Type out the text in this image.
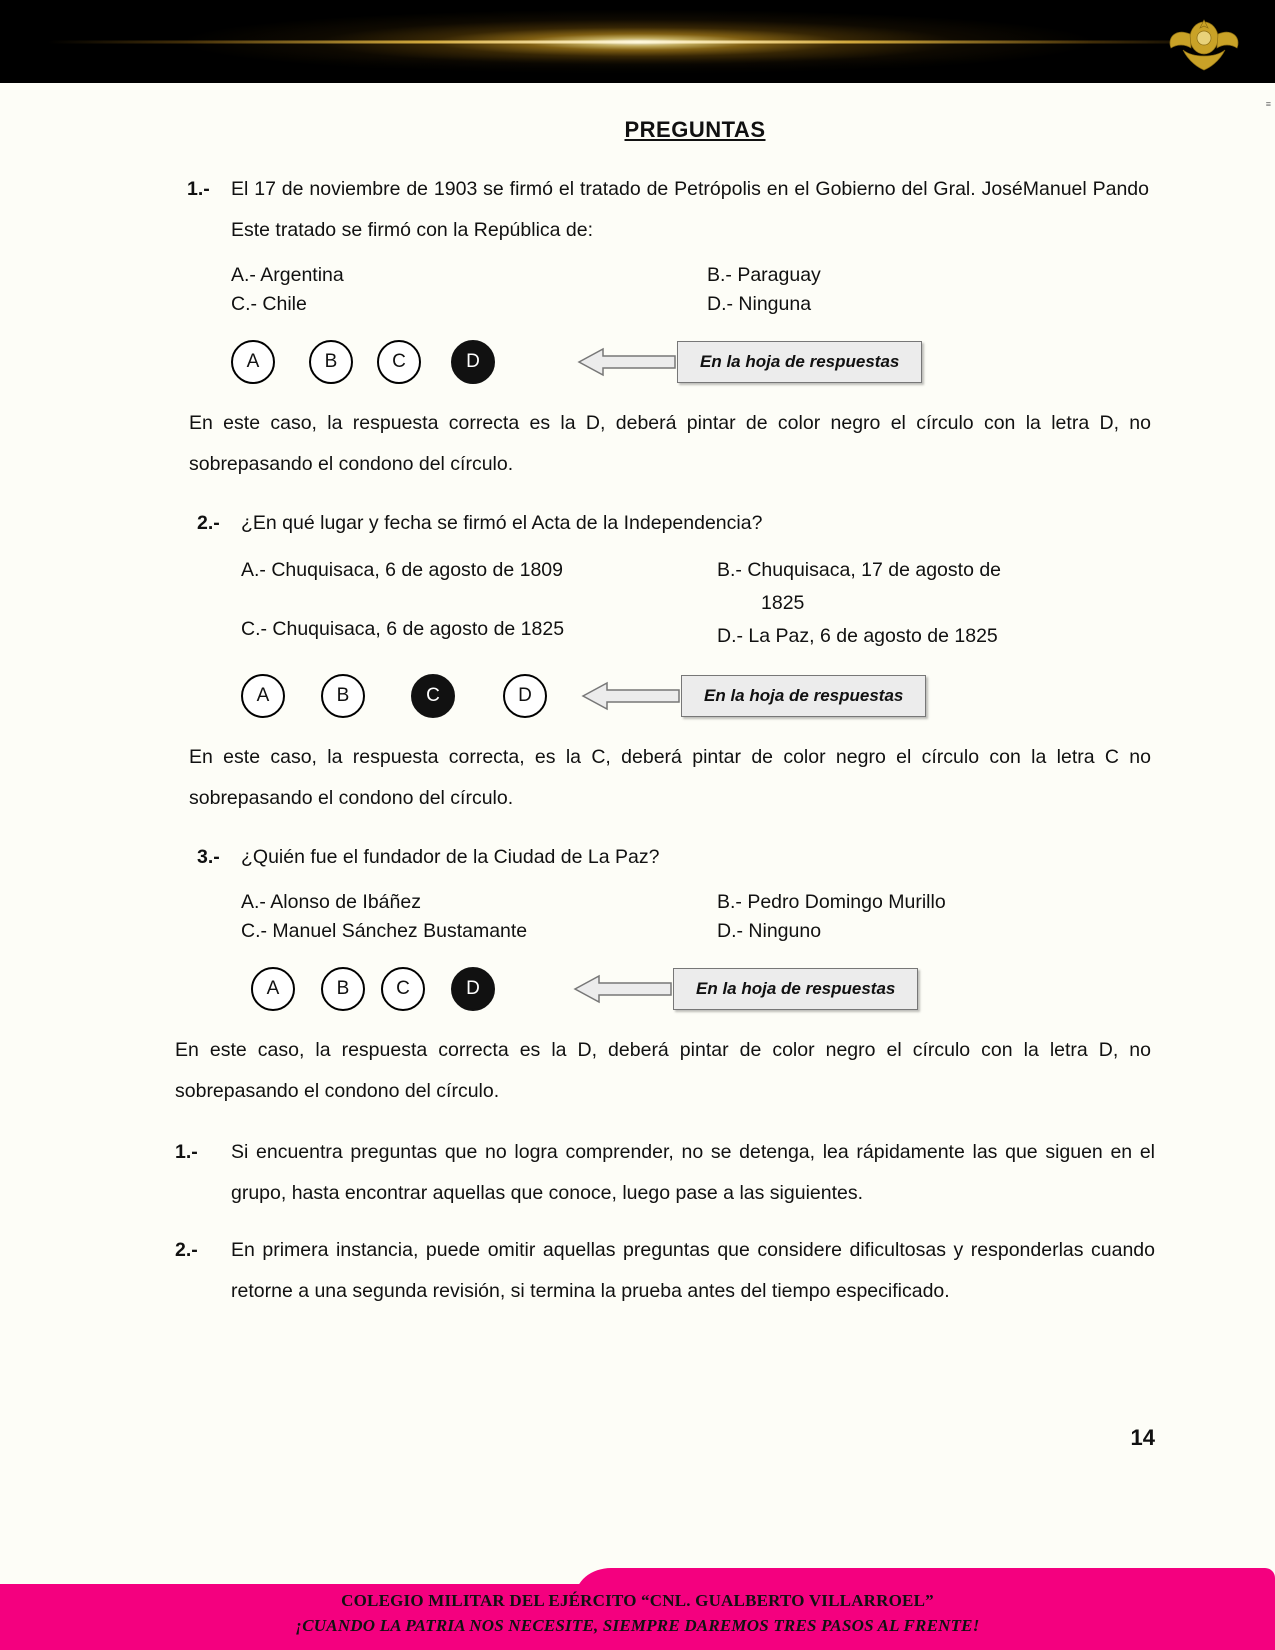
≡
PREGUNTAS
1.-	El 17 de noviembre de 1903 se firmó el tratado de Petrópolis en el Gobierno del Gral. JoséManuel Pando Este tratado se firmó con la República de:
A.- Argentina
C.- Chile
B.- Paraguay
D.- Ninguna
A	B	C	D	En la hoja de respuestas
En este caso, la respuesta correcta es la D, deberá pintar de color negro el círculo con la letra D, no sobrepasando el condono del círculo.
2.-	¿En qué lugar y fecha se firmó el Acta de la Independencia?
A.- Chuquisaca, 6 de agosto de 1809
C.- Chuquisaca, 6 de agosto de 1825
B.- Chuquisaca, 17 de agosto de
1825
D.- La Paz, 6 de agosto de 1825
A	B	C	D	En la hoja de respuestas
En este caso, la respuesta correcta, es la C, deberá pintar de color negro el círculo con la letra C no sobrepasando el condono del círculo.
3.-	¿Quién fue el fundador de la Ciudad de La Paz?
A.- Alonso de Ibáñez
C.- Manuel Sánchez Bustamante
B.- Pedro Domingo Murillo
D.- Ninguno
A	B	C	D	En la hoja de respuestas
En este caso, la respuesta correcta es la D, deberá pintar de color negro el círculo con la letra D, no sobrepasando el condono del círculo.
1.-	Si encuentra preguntas que no logra comprender, no se detenga, lea rápidamente las que siguen en el grupo, hasta encontrar aquellas que conoce, luego pase a las siguientes.
2.-	En primera instancia, puede omitir aquellas preguntas que considere dificultosas y responderlas cuando retorne a una segunda revisión, si termina la prueba antes del tiempo especificado.
14
COLEGIO MILITAR DEL EJÉRCITO “CNL. GUALBERTO VILLARROEL”
¡CUANDO LA PATRIA NOS NECESITE, SIEMPRE DAREMOS TRES PASOS AL FRENTE!
